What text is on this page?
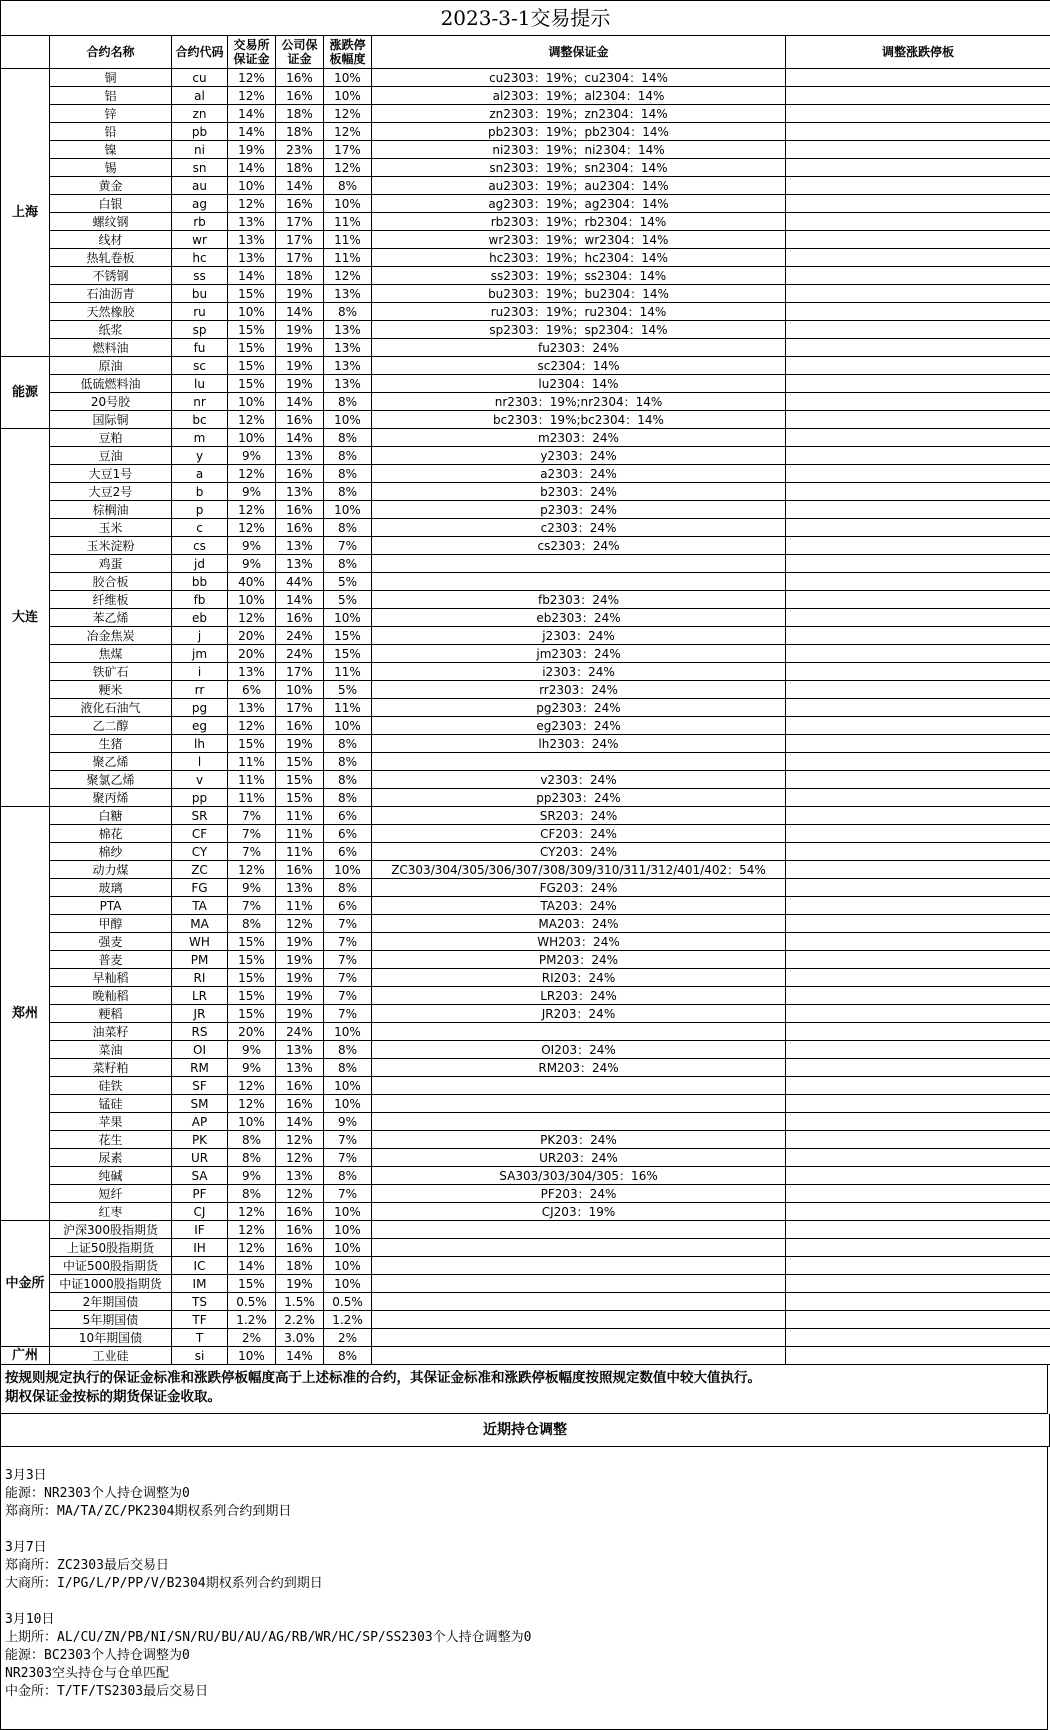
2023-3-1交易提示							
	合约名称	合约代码	交易所保证金	公司保证金	涨跌停板幅度	调整保证金	调整涨跌停板
上海	铜	cu	12%	16%	10%	cu2303：19%；cu2304：14%	
	铝	al	12%	16%	10%	al2303：19%；al2304：14%	
	锌	zn	14%	18%	12%	zn2303：19%；zn2304：14%	
	铅	pb	14%	18%	12%	pb2303：19%；pb2304：14%	
	镍	ni	19%	23%	17%	ni2303：19%；ni2304：14%	
	锡	sn	14%	18%	12%	sn2303：19%；sn2304：14%	
	黄金	au	10%	14%	8%	au2303：19%；au2304：14%	
	白银	ag	12%	16%	10%	ag2303：19%；ag2304：14%	
	螺纹钢	rb	13%	17%	11%	rb2303：19%；rb2304：14%	
	线材	wr	13%	17%	11%	wr2303：19%；wr2304：14%	
	热轧卷板	hc	13%	17%	11%	hc2303：19%；hc2304：14%	
	不锈钢	ss	14%	18%	12%	ss2303：19%；ss2304：14%	
	石油沥青	bu	15%	19%	13%	bu2303：19%；bu2304：14%	
	天然橡胶	ru	10%	14%	8%	ru2303：19%；ru2304：14%	
	纸浆	sp	15%	19%	13%	sp2303：19%；sp2304：14%	
	燃料油	fu	15%	19%	13%	fu2303：24%	
能源	原油	sc	15%	19%	13%	sc2304：14%	
	低硫燃料油	lu	15%	19%	13%	lu2304：14%	
	20号胶	nr	10%	14%	8%	nr2303：19%;nr2304：14%	
	国际铜	bc	12%	16%	10%	bc2303：19%;bc2304：14%	
大连	豆粕	m	10%	14%	8%	m2303：24%	
	豆油	y	9%	13%	8%	y2303：24%	
	大豆1号	a	12%	16%	8%	a2303：24%	
	大豆2号	b	9%	13%	8%	b2303：24%	
	棕榈油	p	12%	16%	10%	p2303：24%	
	玉米	c	12%	16%	8%	c2303：24%	
	玉米淀粉	cs	9%	13%	7%	cs2303：24%	
	鸡蛋	jd	9%	13%	8%		
	胶合板	bb	40%	44%	5%		
	纤维板	fb	10%	14%	5%	fb2303：24%	
	苯乙烯	eb	12%	16%	10%	eb2303：24%	
	冶金焦炭	j	20%	24%	15%	j2303：24%	
	焦煤	jm	20%	24%	15%	jm2303：24%	
	铁矿石	i	13%	17%	11%	i2303：24%	
	粳米	rr	6%	10%	5%	rr2303：24%	
	液化石油气	pg	13%	17%	11%	pg2303：24%	
	乙二醇	eg	12%	16%	10%	eg2303：24%	
	生猪	lh	15%	19%	8%	lh2303：24%	
	聚乙烯	l	11%	15%	8%		
	聚氯乙烯	v	11%	15%	8%	v2303：24%	
	聚丙烯	pp	11%	15%	8%	pp2303：24%	
郑州	白糖	SR	7%	11%	6%	SR203：24%	
	棉花	CF	7%	11%	6%	CF203：24%	
	棉纱	CY	7%	11%	6%	CY203：24%	
	动力煤	ZC	12%	16%	10%	ZC303/304/305/306/307/308/309/310/311/312/401/402：54%	
	玻璃	FG	9%	13%	8%	FG203：24%	
	PTA	TA	7%	11%	6%	TA203：24%	
	甲醇	MA	8%	12%	7%	MA203：24%	
	强麦	WH	15%	19%	7%	WH203：24%	
	普麦	PM	15%	19%	7%	PM203：24%	
	早籼稻	RI	15%	19%	7%	RI203：24%	
	晚籼稻	LR	15%	19%	7%	LR203：24%	
	粳稻	JR	15%	19%	7%	JR203：24%	
	油菜籽	RS	20%	24%	10%		
	菜油	OI	9%	13%	8%	OI203：24%	
	菜籽粕	RM	9%	13%	8%	RM203：24%	
	硅铁	SF	12%	16%	10%		
	锰硅	SM	12%	16%	10%		
	苹果	AP	10%	14%	9%		
	花生	PK	8%	12%	7%	PK203：24%	
	尿素	UR	8%	12%	7%	UR203：24%	
	纯碱	SA	9%	13%	8%	SA303/303/304/305：16%	
	短纤	PF	8%	12%	7%	PF203：24%	
	红枣	CJ	12%	16%	10%	CJ203：19%	
中金所	沪深300股指期货	IF	12%	16%	10%		
	上证50股指期货	IH	12%	16%	10%		
	中证500股指期货	IC	14%	18%	10%		
	中证1000股指期货	IM	15%	19%	10%		
	2年期国债	TS	0.5%	1.5%	0.5%		
	5年期国债	TF	1.2%	2.2%	1.2%		
	10年期国债	T	2%	3.0%	2%		
广州	工业硅	si	10%	14%	8%		
按规则规定执行的保证金标准和涨跌停板幅度高于上述标准的合约，其保证金标准和涨跌停板幅度按照规定数值中较大值执行。
期权保证金按标的期货保证金收取。
近期持仓调整
3月3日
能源：NR2303个人持仓调整为0
郑商所：MA/TA/ZC/PK2304期权系列合约到期日
3月7日
郑商所：ZC2303最后交易日
大商所：I/PG/L/P/PP/V/B2304期权系列合约到期日
3月10日
上期所：AL/CU/ZN/PB/NI/SN/RU/BU/AU/AG/RB/WR/HC/SP/SS2303个人持仓调整为0
能源：BC2303个人持仓调整为0
NR2303空头持仓与仓单匹配
中金所：T/TF/TS2303最后交易日
